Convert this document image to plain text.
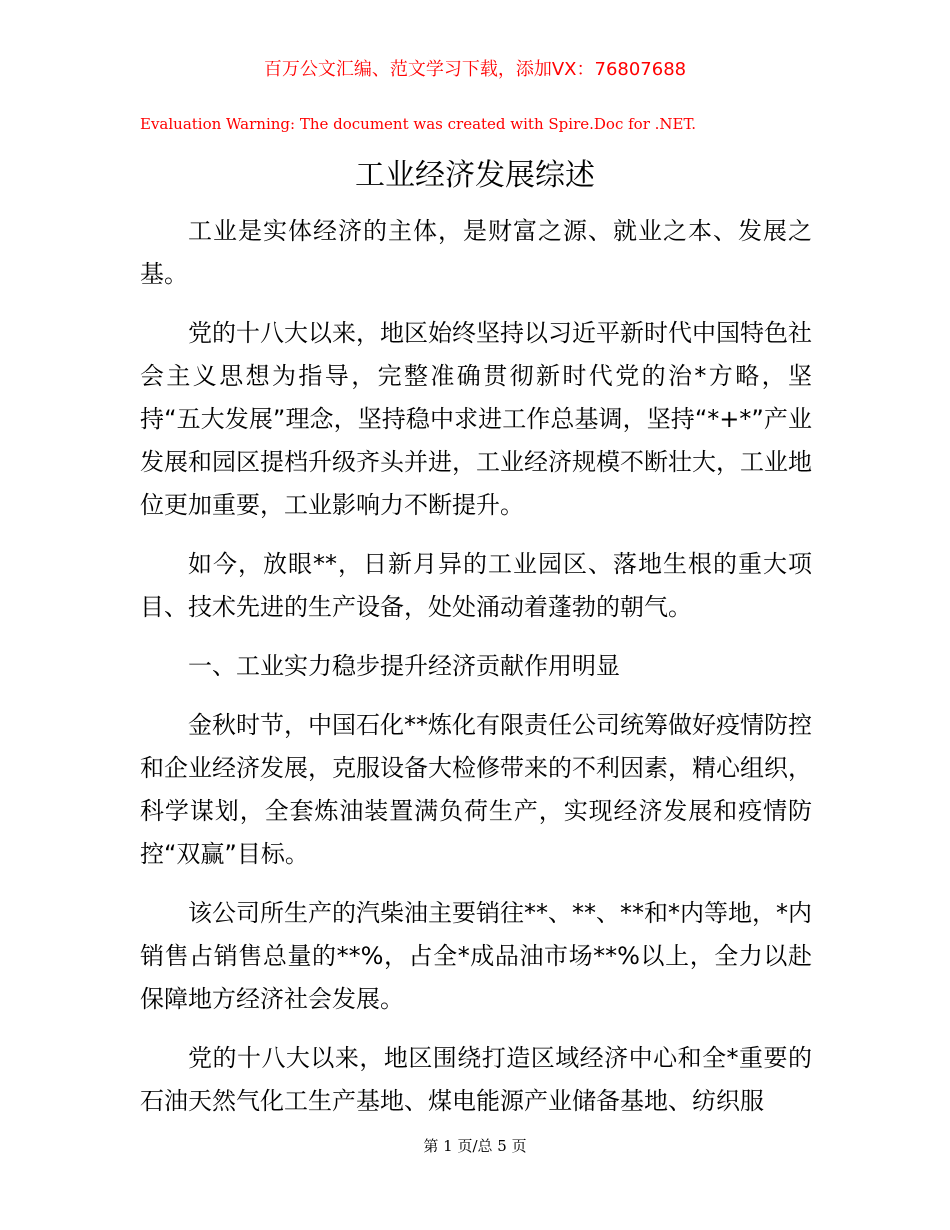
百万公文汇编、范文学习下载，添加VX：76807688
Evaluation Warning: The document was created with Spire.Doc for .NET.
工业经济发展综述

工业是实体经济的主体，是财富之源、就业之本、发展之基。

党的十八大以来，地区始终坚持以习近平新时代中国特色社会主义思想为指导，完整准确贯彻新时代党的治*方略，坚持“五大发展”理念，坚持稳中求进工作总基调，坚持“*+*”产业发展和园区提档升级齐头并进，工业经济规模不断壮大，工业地位更加重要，工业影响力不断提升。

如今，放眼**，日新月异的工业园区、落地生根的重大项目、技术先进的生产设备，处处涌动着蓬勃的朝气。

一、工业实力稳步提升经济贡献作用明显

金秋时节，中国石化**炼化有限责任公司统筹做好疫情防控和企业经济发展，克服设备大检修带来的不利因素，精心组织，科学谋划，全套炼油装置满负荷生产，实现经济发展和疫情防控“双赢”目标。

该公司所生产的汽柴油主要销往**、**、**和*内等地，*内销售占销售总量的**%，占全*成品油市场**%以上，全力以赴保障地方经济社会发展。

党的十八大以来，地区围绕打造区域经济中心和全*重要的石油天然气化工生产基地、煤电能源产业储备基地、纺织服

第 1 页/总 5 页
